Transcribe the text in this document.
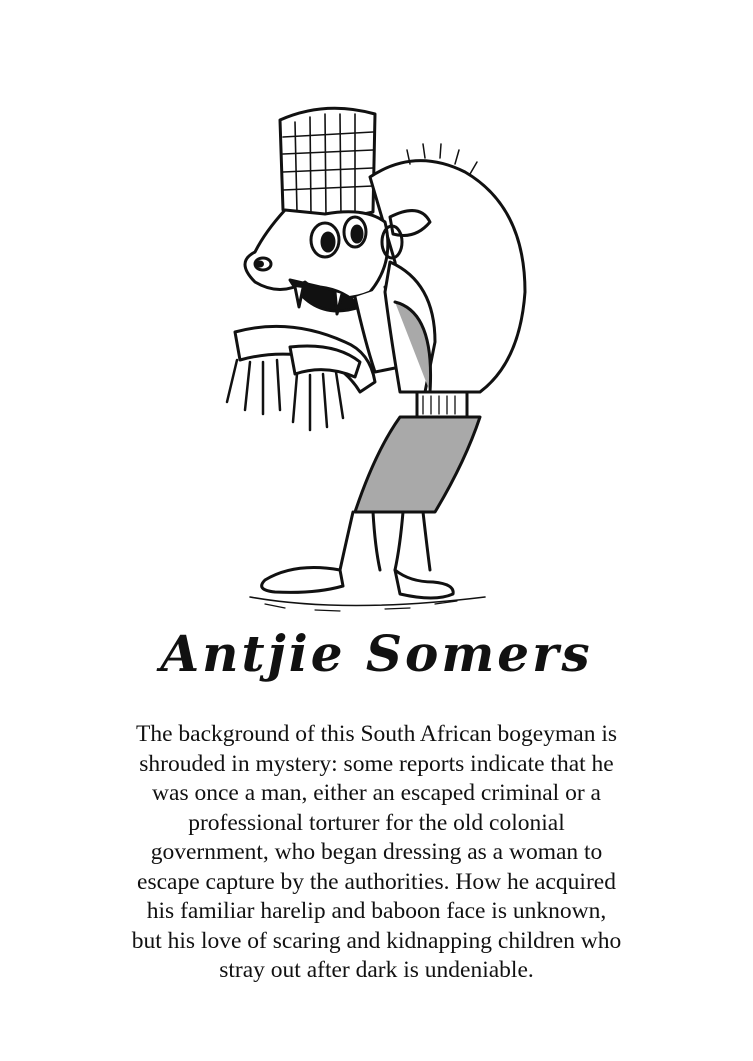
Antjie Somers
The background of this South African bogeyman is
shrouded in mystery: some reports indicate that he
was once a man, either an escaped criminal or a
professional torturer for the old colonial
government, who began dressing as a woman to
escape capture by the authorities. How he acquired
his familiar harelip and baboon face is unknown,
but his love of scaring and kidnapping children who
stray out after dark is undeniable.
